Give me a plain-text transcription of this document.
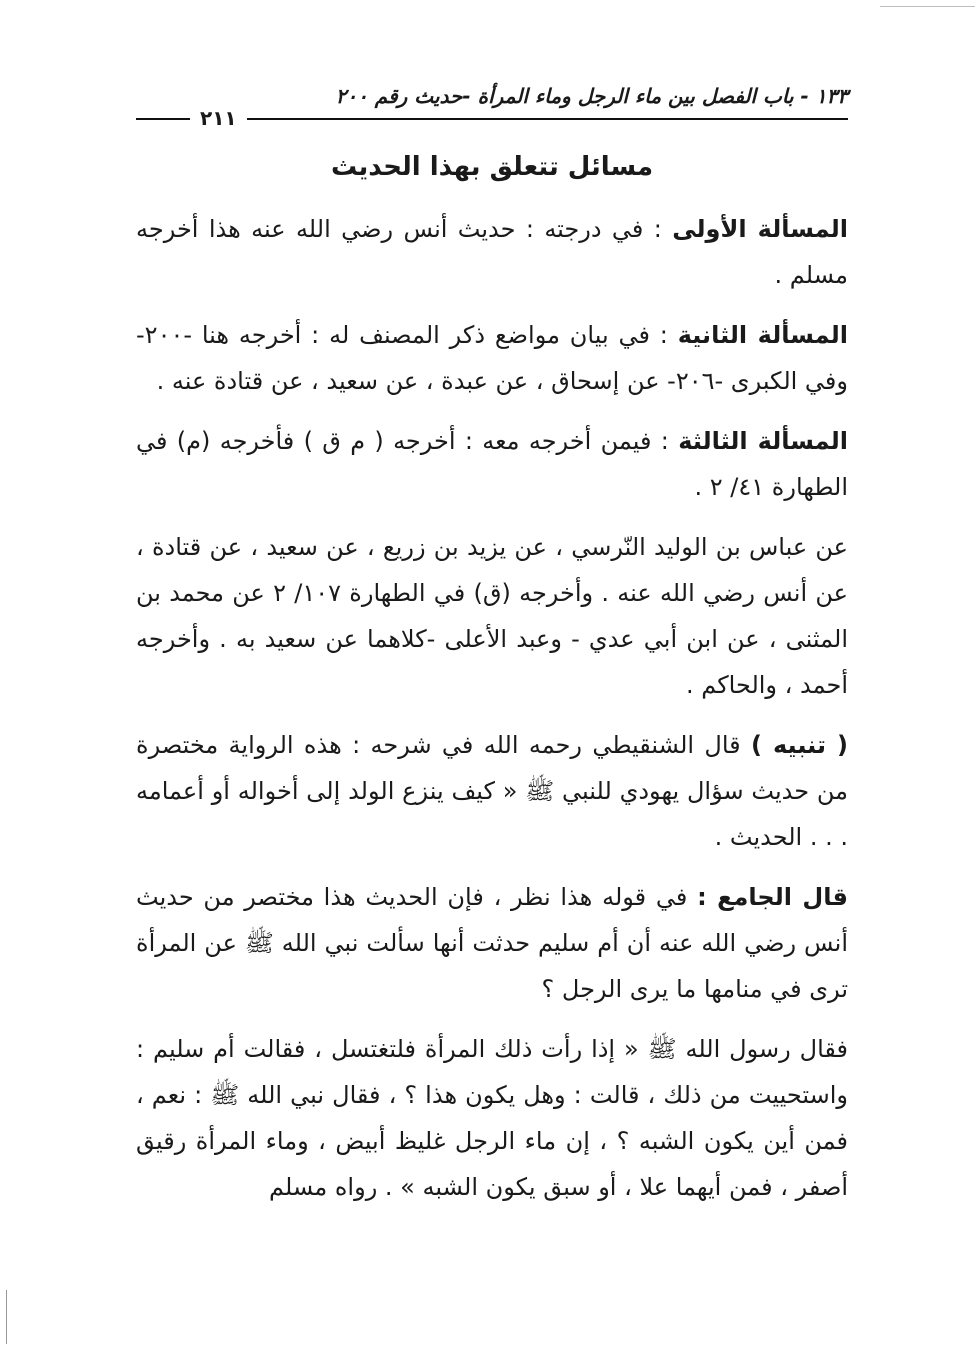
١٣٣ - باب الفصل بين ماء الرجل وماء المرأة -حديث رقم ٢٠٠
٢١١
مسائل تتعلق بهذا الحديث

المسألة الأولى : في درجته : حديث أنس رضي الله عنه هذا أخرجه مسلم .

المسألة الثانية : في بيان مواضع ذكر المصنف له : أخرجه هنا -٢٠٠- وفي الكبرى -٢٠٦- عن إسحاق ، عن عبدة ، عن سعيد ، عن قتادة عنه .

المسألة الثالثة : فيمن أخرجه معه : أخرجه ( م ق ) فأخرجه (م) في الطهارة ٤١/ ٢ .

عن عباس بن الوليد النّرسي ، عن يزيد بن زريع ، عن سعيد ، عن قتادة ، عن أنس رضي الله عنه . وأخرجه (ق) في الطهارة ١٠٧/ ٢ عن محمد بن المثنى ، عن ابن أبي عدي - وعبد الأعلى -كلاهما عن سعيد به . وأخرجه أحمد ، والحاكم .

( تنبيه ) قال الشنقيطي رحمه الله في شرحه : هذه الرواية مختصرة من حديث سؤال يهودي للنبي ﷺ « كيف ينزع الولد إلى أخواله أو أعمامه . . . الحديث .

قال الجامع : في قوله هذا نظر ، فإن الحديث هذا مختصر من حديث أنس رضي الله عنه أن أم سليم حدثت أنها سألت نبي الله ﷺ عن المرأة ترى في منامها ما يرى الرجل ؟

فقال رسول الله ﷺ « إذا رأت ذلك المرأة فلتغتسل ، فقالت أم سليم : واستحييت من ذلك ، قالت : وهل يكون هذا ؟ ، فقال نبي الله ﷺ : نعم ، فمن أين يكون الشبه ؟ ، إن ماء الرجل غليظ أبيض ، وماء المرأة رقيق أصفر ، فمن أيهما علا ، أو سبق يكون الشبه » . رواه مسلم
